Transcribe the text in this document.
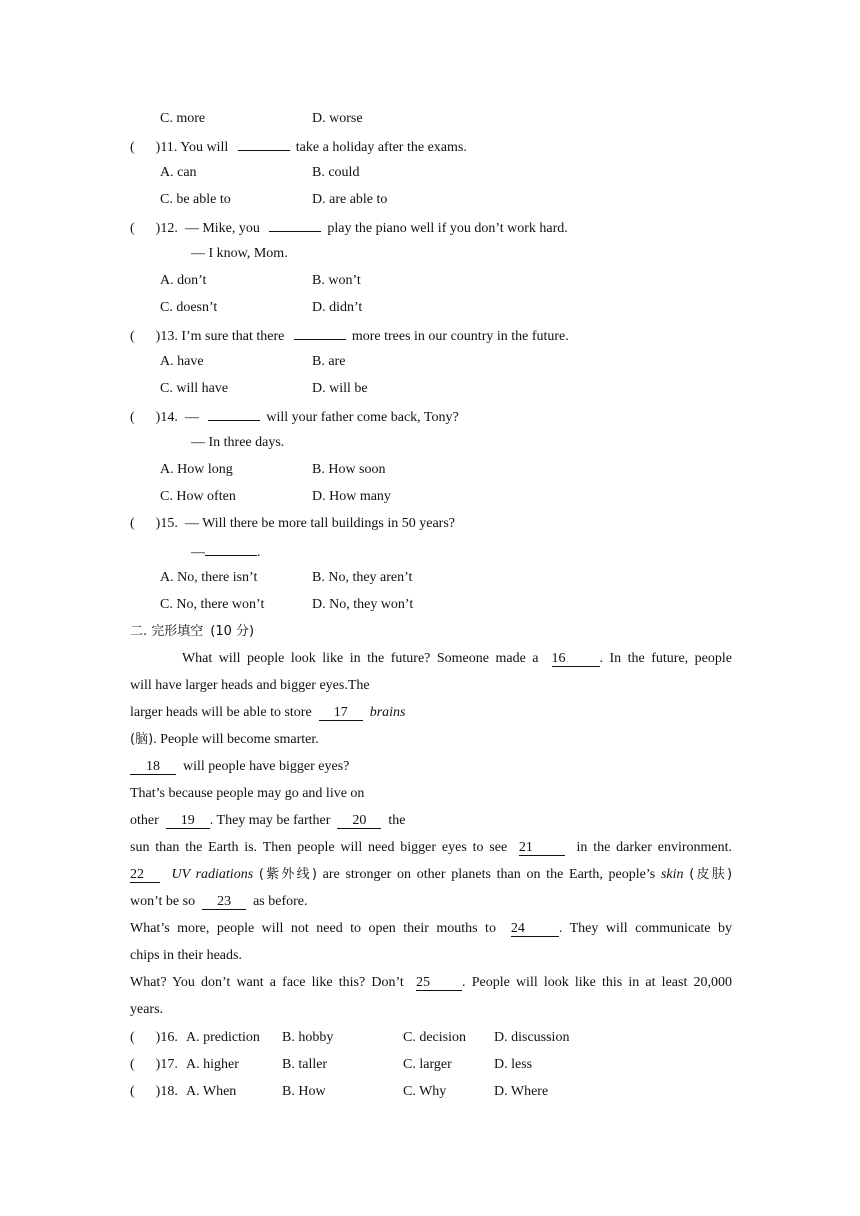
C. more	D. worse
(      )11. You will	take a holiday after the exams.
A. can	B. could
C. be able to	D. are able to
(      )12.  — Mike, you	play the piano well if you don’t work hard.
— I know, Mom.
A. don’t	B. won’t
C. doesn’t	D. didn’t
(      )13. I’m sure that there	more trees in our country in the future.
A. have	B. are
C. will have	D. will be
(      )14.  —	will your father come back, Tony?
— In three days.
A. How long	B. How soon
C. How often	D. How many
(      )15.  — Will there be more tall buildings in 50 years?
—	.
A. No, there isn’t	B. No, they aren’t
C. No, there won’t	D. No, they won’t
二. 完形填空 (10 分)

What will people look like in the future? Someone made a 16 . In the future, people

will have larger heads and bigger eyes.The

larger heads will be able to store 17 brains

(脑). People will become smarter.

18 will people have bigger eyes?

That’s because people may go and live on

other 19 . They may be farther 20 the

sun than the Earth is. Then people will need bigger eyes to see 21	in the darker environment.

22 UV radiations (紫外线) are stronger on other planets than on the Earth, people’s skin (皮肤)

won’t be so 23 as before.

What’s more, people will not need to open their mouths to 24 . They will communicate by

chips in their heads.

What? You don’t want a face like this? Don’t 25 . People will look like this in at least 20,000

years.

(      )16. A. prediction B. hobby	C. decision D. discussion
(      )17. A. higher	B. taller	C. larger	D. less
(      )18. A. When	B. How	C. Why	D. Where
